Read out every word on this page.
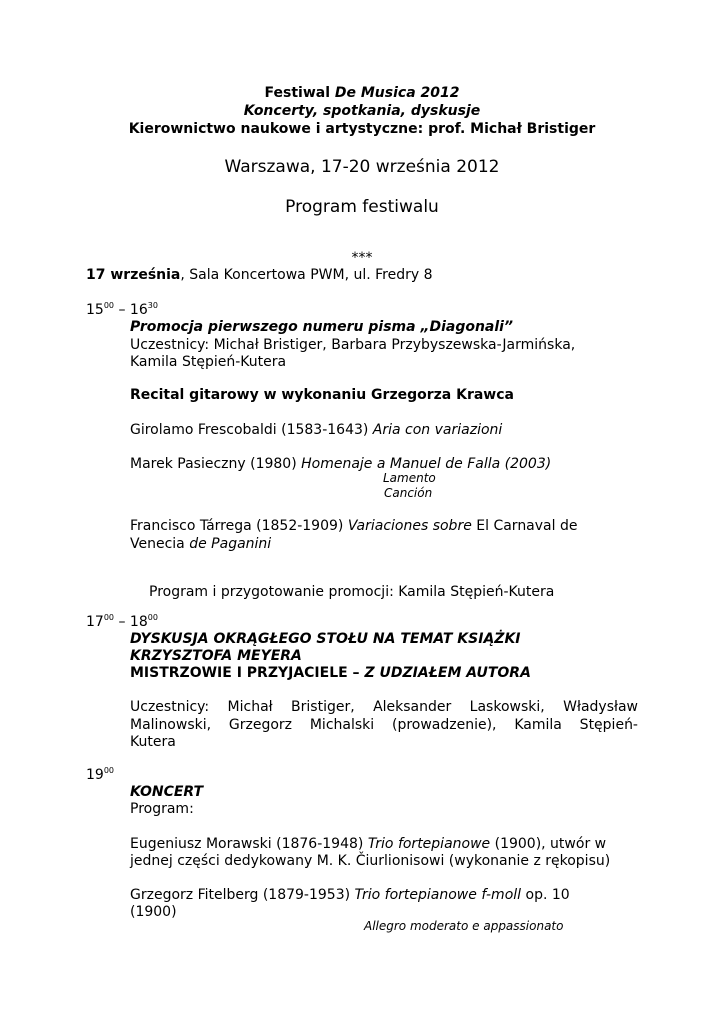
Festiwal De Musica 2012
Koncerty, spotkania, dyskusje
Kierownictwo naukowe i artystyczne: prof. Michał Bristiger
Warszawa, 17-20 września 2012
Program festiwalu
***
17 września, Sala Koncertowa PWM, ul. Fredry 8
$15^{00} - 16^{30}$
Promocja pierwszego numeru pisma „Diagonali”
Uczestnicy: Michał Bristiger, Barbara Przybyszewska-Jarmińska,
Kamila Stępień-Kutera
Recital gitarowy w wykonaniu Grzegorza Krawca
Girolamo Frescobaldi (1583-1643) Aria con variazioni
Marek Pasieczny (1980) Homenaje a Manuel de Falla (2003)
Lamento
Canción
Francisco Tárrega (1852-1909) Variaciones sobre El Carnaval de
Venecia de Paganini
Program i przygotowanie promocji: Kamila Stępień-Kutera
$17^{00} - 18^{00}$
DYSKUSJA OKRĄGŁEGO STOŁU NA TEMAT KSIĄŻKI
KRZYSZTOFA MEYERA
MISTRZOWIE I PRZYJACIELE – Z UDZIAŁEM AUTORA
Uczestnicy: Michał Bristiger, Aleksander Laskowski, Władysław
Malinowski, Grzegorz Michalski (prowadzenie), Kamila Stępień-
Kutera
$19^{00}$
KONCERT
Program:
Eugeniusz Morawski (1876-1948) Trio fortepianowe (1900), utwór w
jednej części dedykowany M. K. Čiurlionisowi (wykonanie z rękopisu)
Grzegorz Fitelberg (1879-1953) Trio fortepianowe f-moll op. 10
(1900)
Allegro moderato e appassionato
